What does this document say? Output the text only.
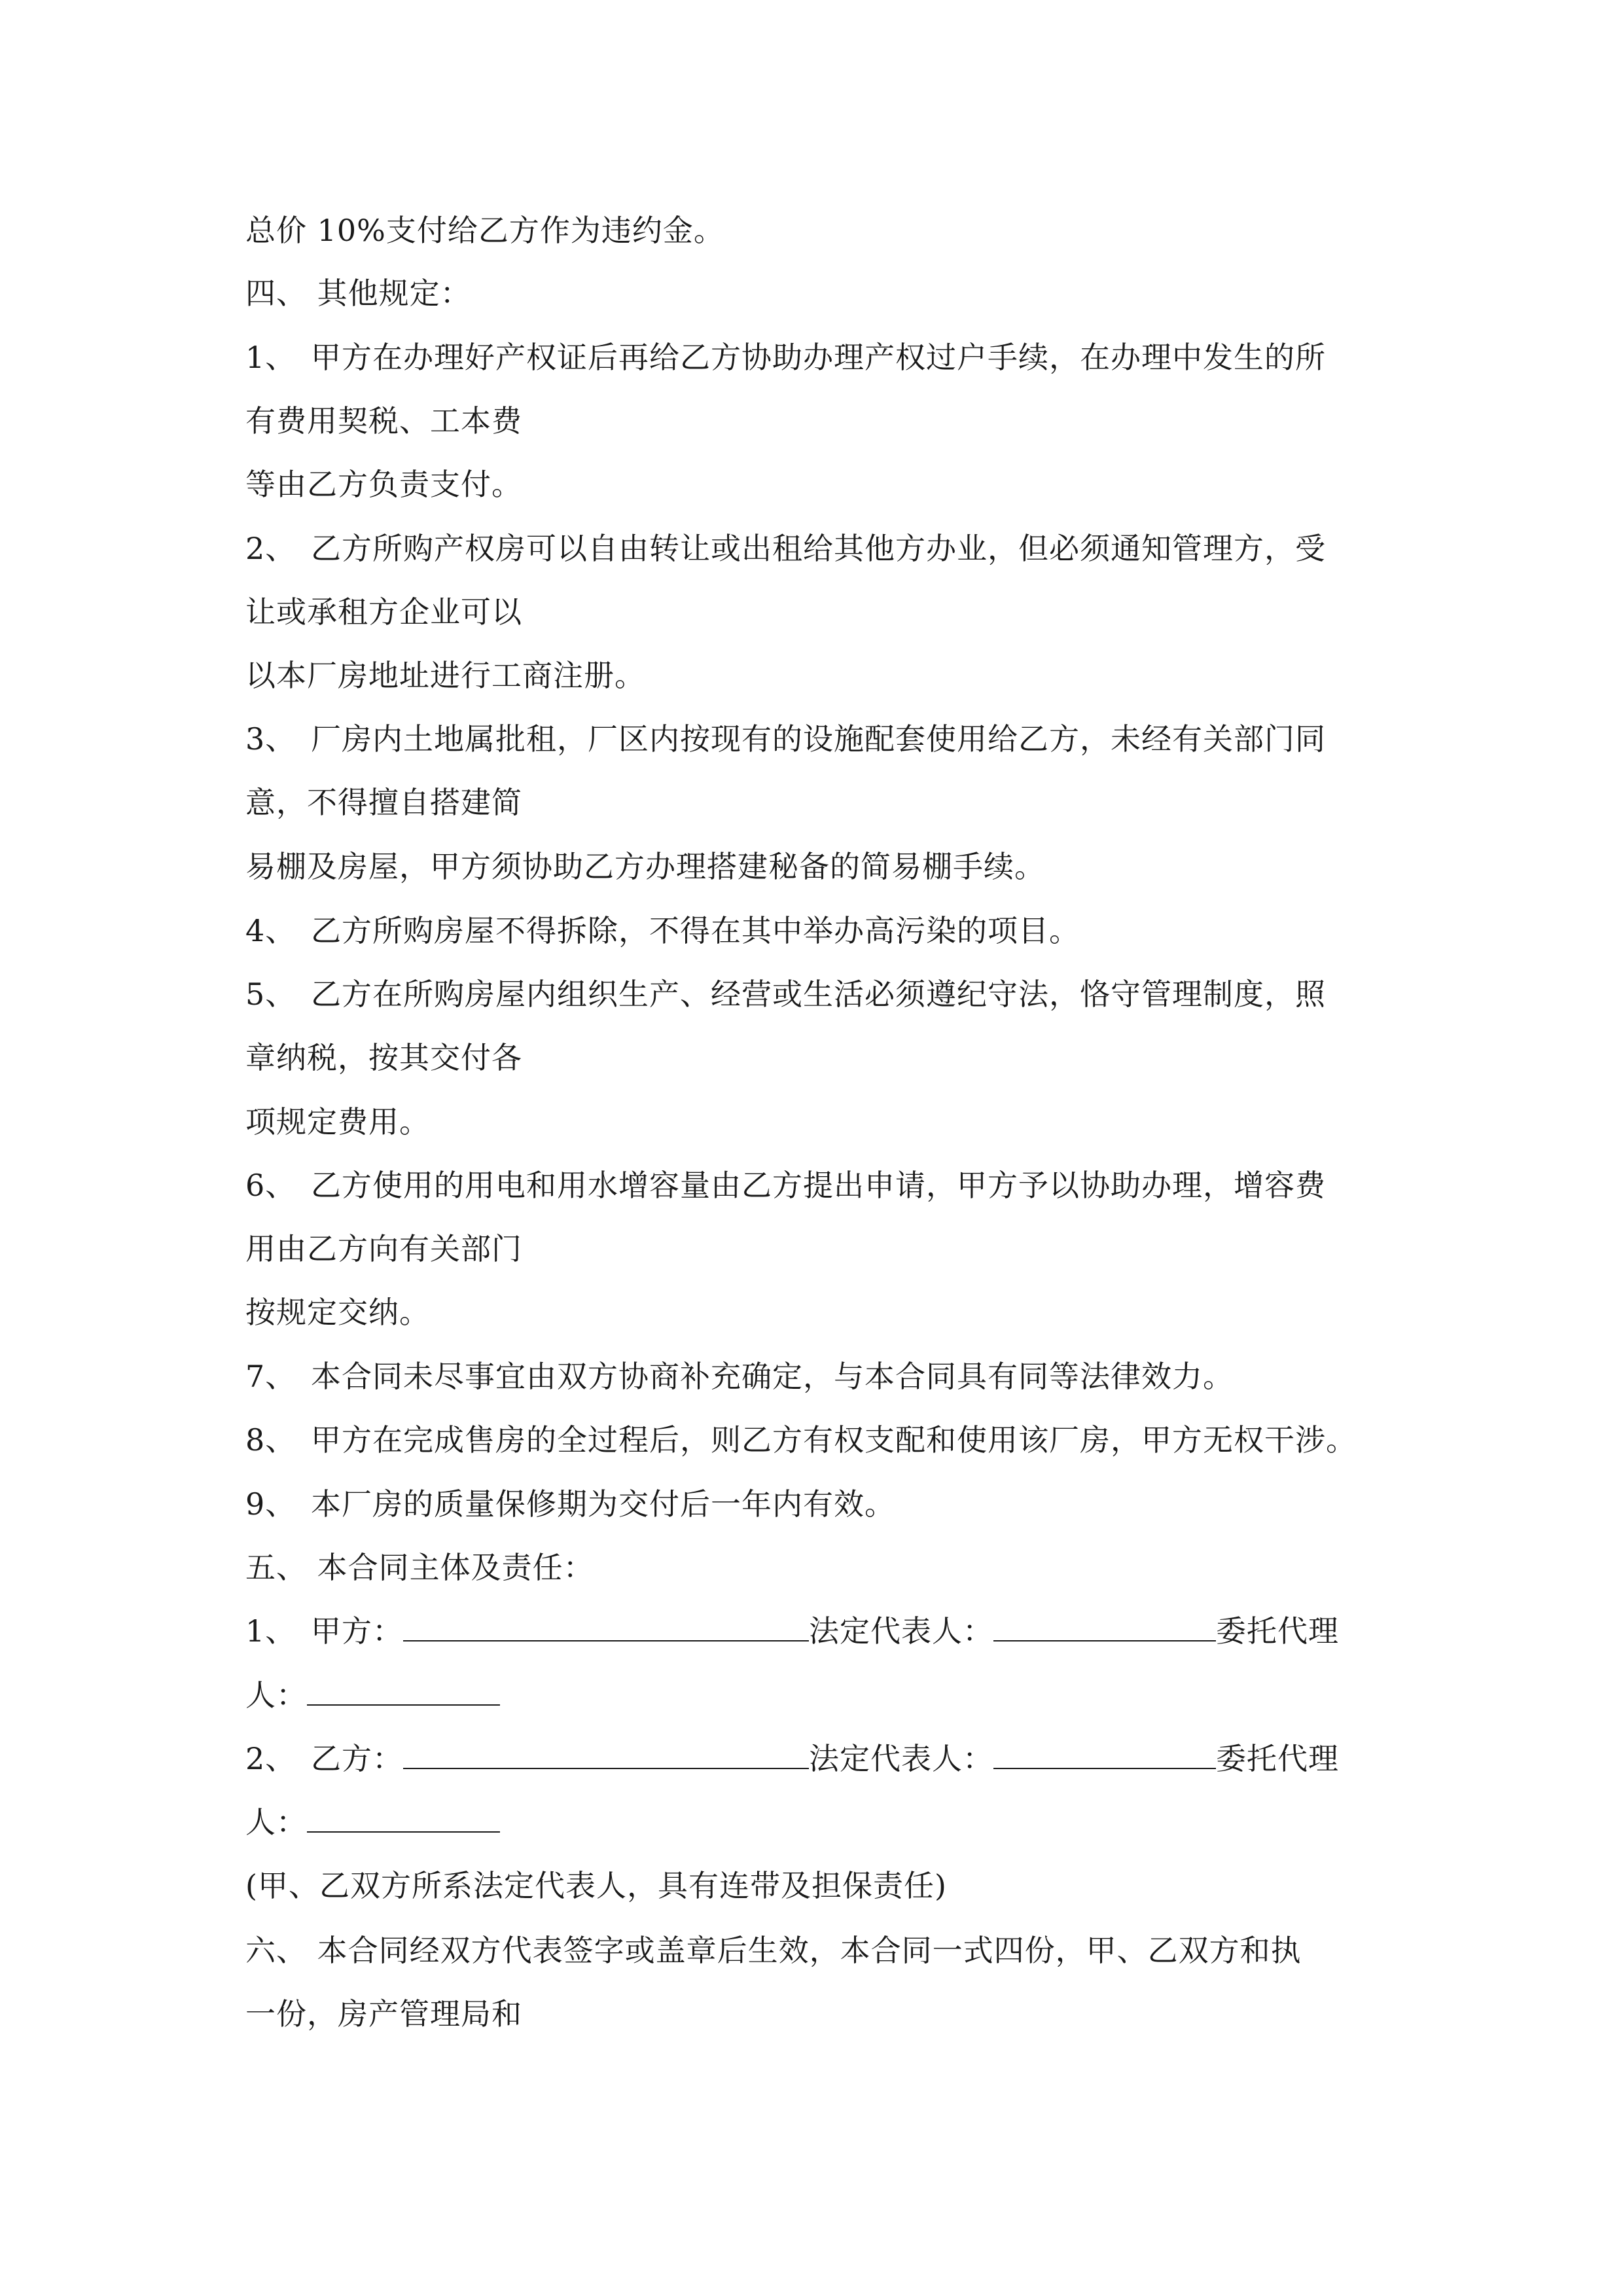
总价 10%支付给乙方作为违约金。
四、 其他规定：
1、 甲方在办理好产权证后再给乙方协助办理产权过户手续，在办理中发生的所
有费用契税、工本费
等由乙方负责支付。
2、 乙方所购产权房可以自由转让或出租给其他方办业，但必须通知管理方，受
让或承租方企业可以
以本厂房地址进行工商注册。
3、 厂房内土地属批租，厂区内按现有的设施配套使用给乙方，未经有关部门同
意，不得擅自搭建简
易棚及房屋，甲方须协助乙方办理搭建秘备的简易棚手续。
4、 乙方所购房屋不得拆除，不得在其中举办高污染的项目。
5、 乙方在所购房屋内组织生产、经营或生活必须遵纪守法，恪守管理制度，照
章纳税，按其交付各
项规定费用。
6、 乙方使用的用电和用水增容量由乙方提出申请，甲方予以协助办理，增容费
用由乙方向有关部门
按规定交纳。
7、 本合同未尽事宜由双方协商补充确定，与本合同具有同等法律效力。
8、 甲方在完成售房的全过程后，则乙方有权支配和使用该厂房，甲方无权干涉。
9、 本厂房的质量保修期为交付后一年内有效。
五、 本合同主体及责任：
1、 甲方：	法定代表人：	委托代理
人：
2、 乙方：	法定代表人：	委托代理
人：
(甲、乙双方所系法定代表人，具有连带及担保责任)
六、 本合同经双方代表签字或盖章后生效，本合同一式四份，甲、乙双方和执
一份，房产管理局和
